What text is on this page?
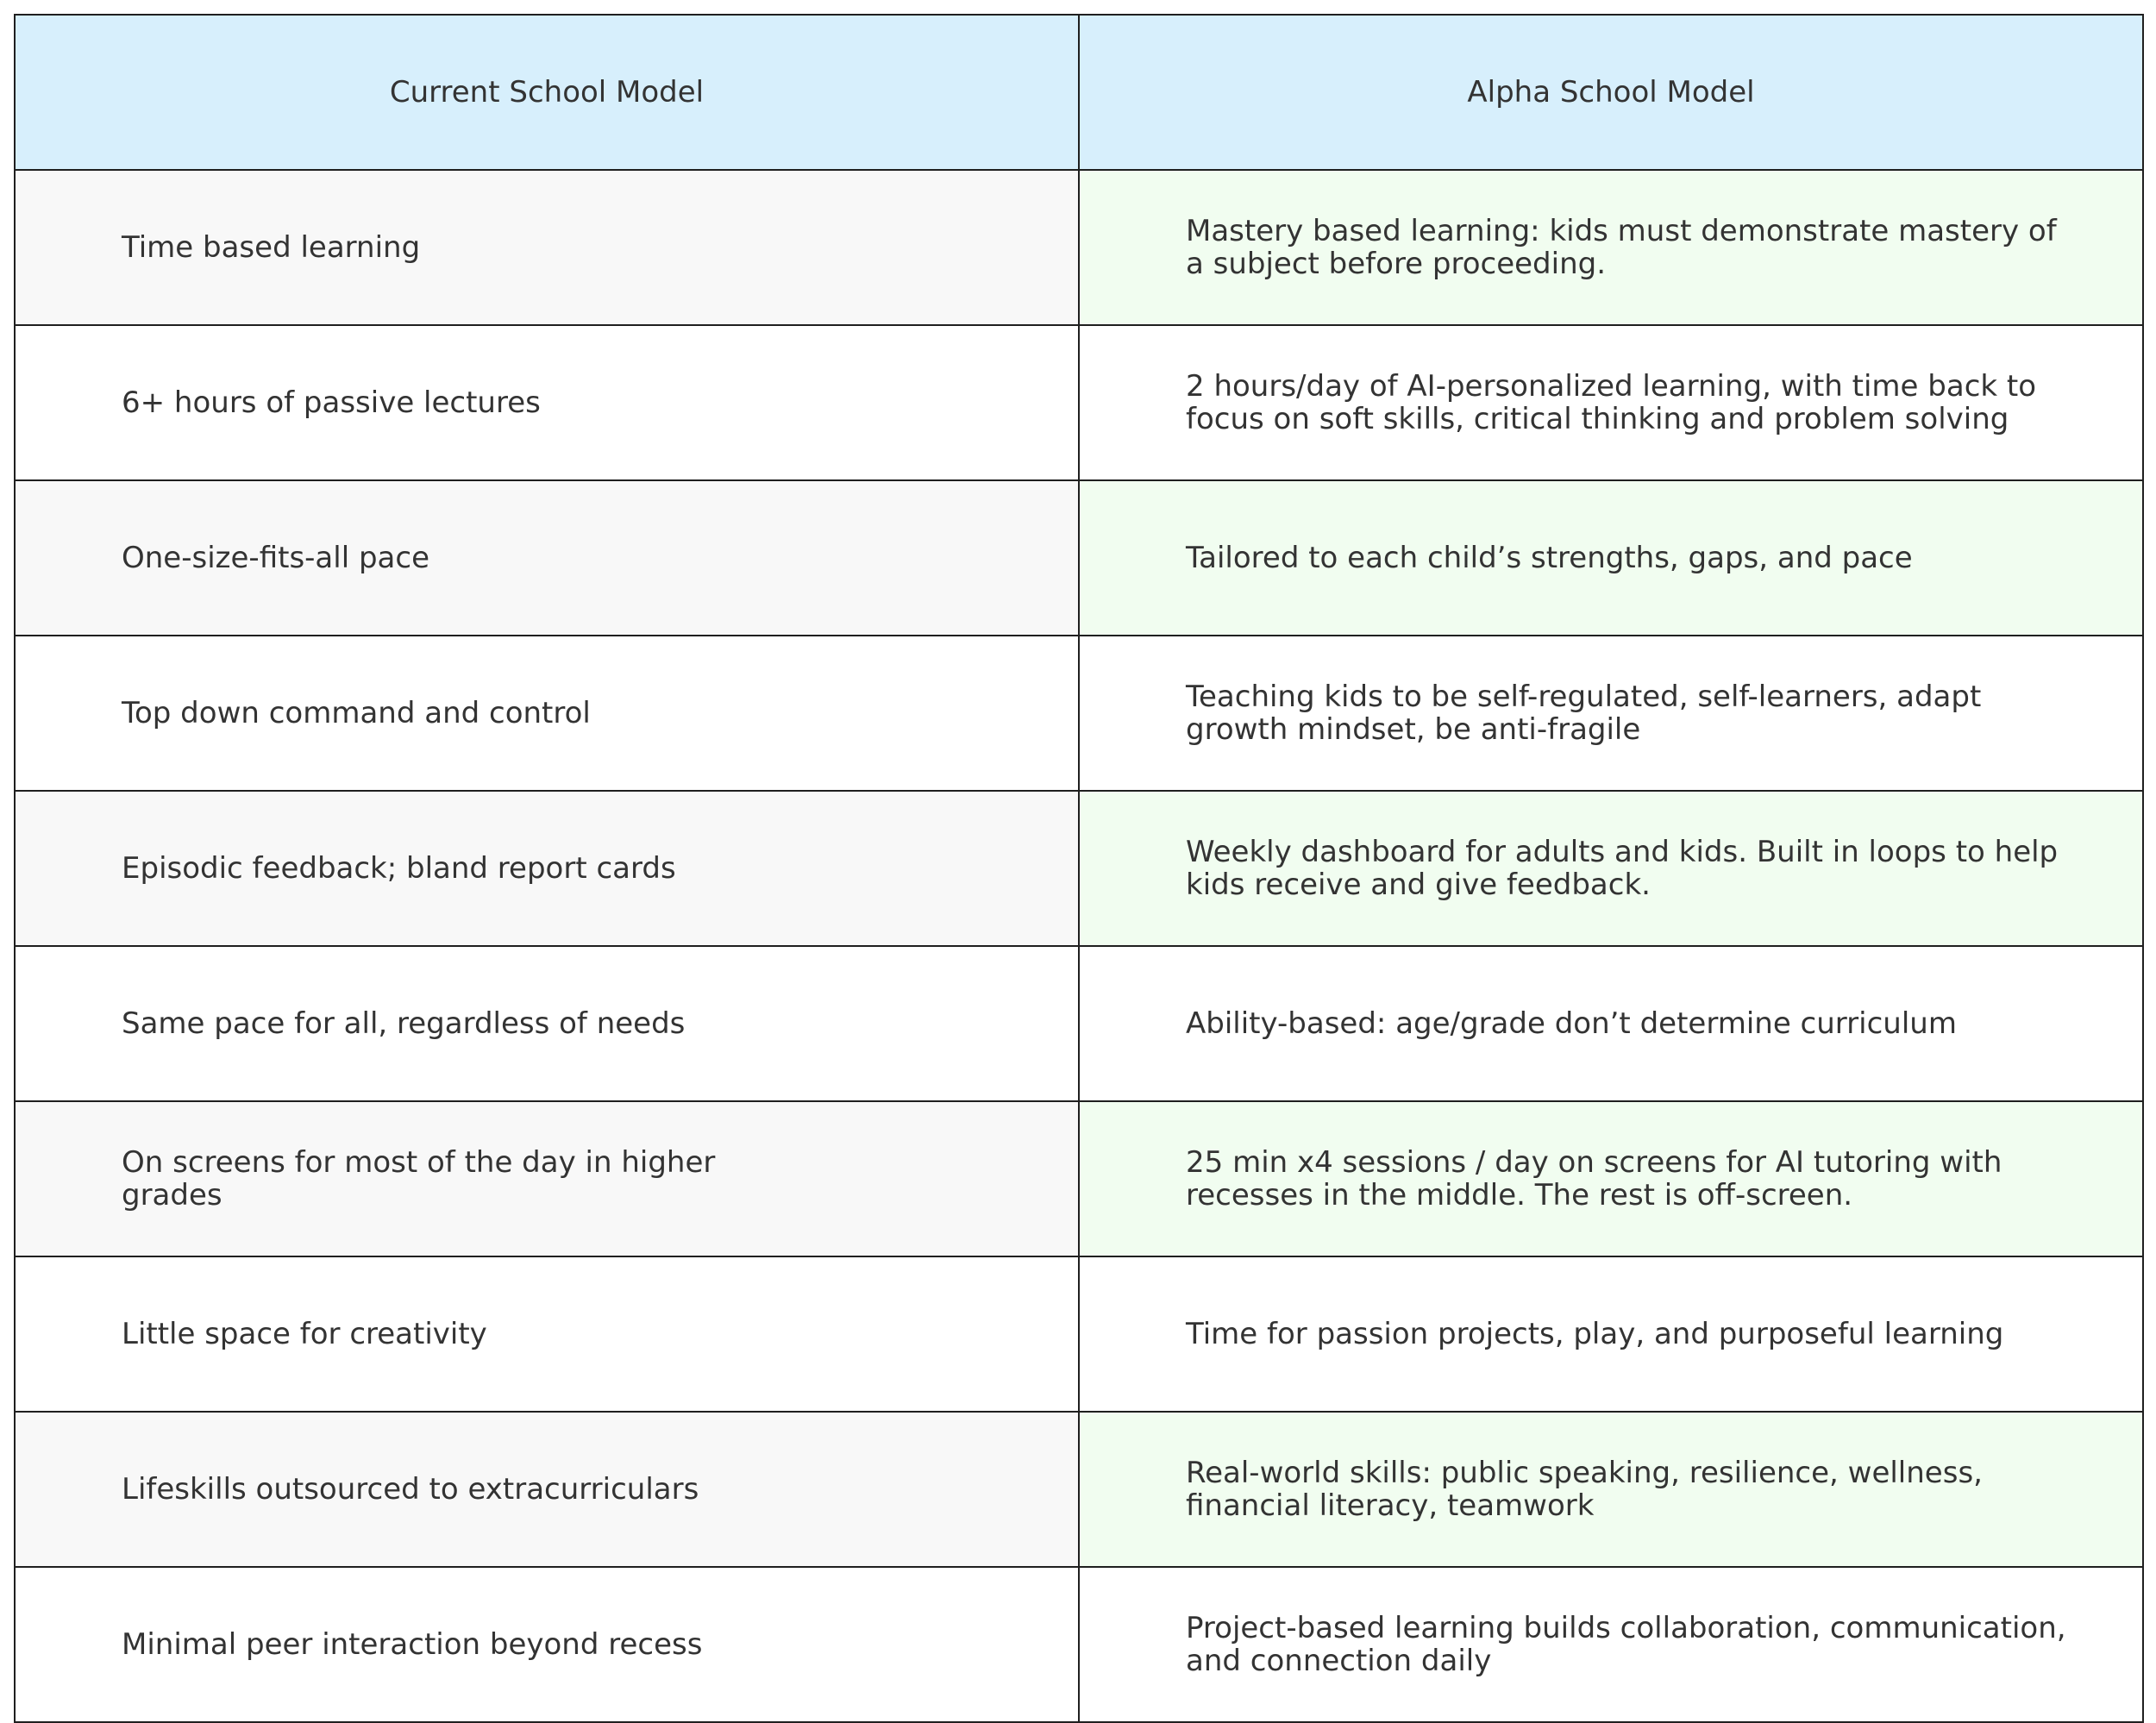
Current School Model	Alpha School Model
Time based learning	Mastery based learning: kids must demonstrate mastery of a subject before proceeding.
6+ hours of passive lectures	2 hours/day of AI-personalized learning, with time back to focus on soft skills, critical thinking and problem solving
One-size-fits-all pace	Tailored to each child’s strengths, gaps, and pace
Top down command and control	Teaching kids to be self-regulated, self-learners, adapt growth mindset, be anti-fragile
Episodic feedback; bland report cards	Weekly dashboard for adults and kids. Built in loops to help kids receive and give feedback.
Same pace for all, regardless of needs	Ability-based: age/grade don’t determine curriculum
On screens for most of the day in higher grades	25 min x4 sessions / day on screens for AI tutoring with recesses in the middle. The rest is off-screen.
Little space for creativity	Time for passion projects, play, and purposeful learning
Lifeskills outsourced to extracurriculars	Real-world skills: public speaking, resilience, wellness, financial literacy, teamwork
Minimal peer interaction beyond recess	Project-based learning builds collaboration, communication, and connection daily
